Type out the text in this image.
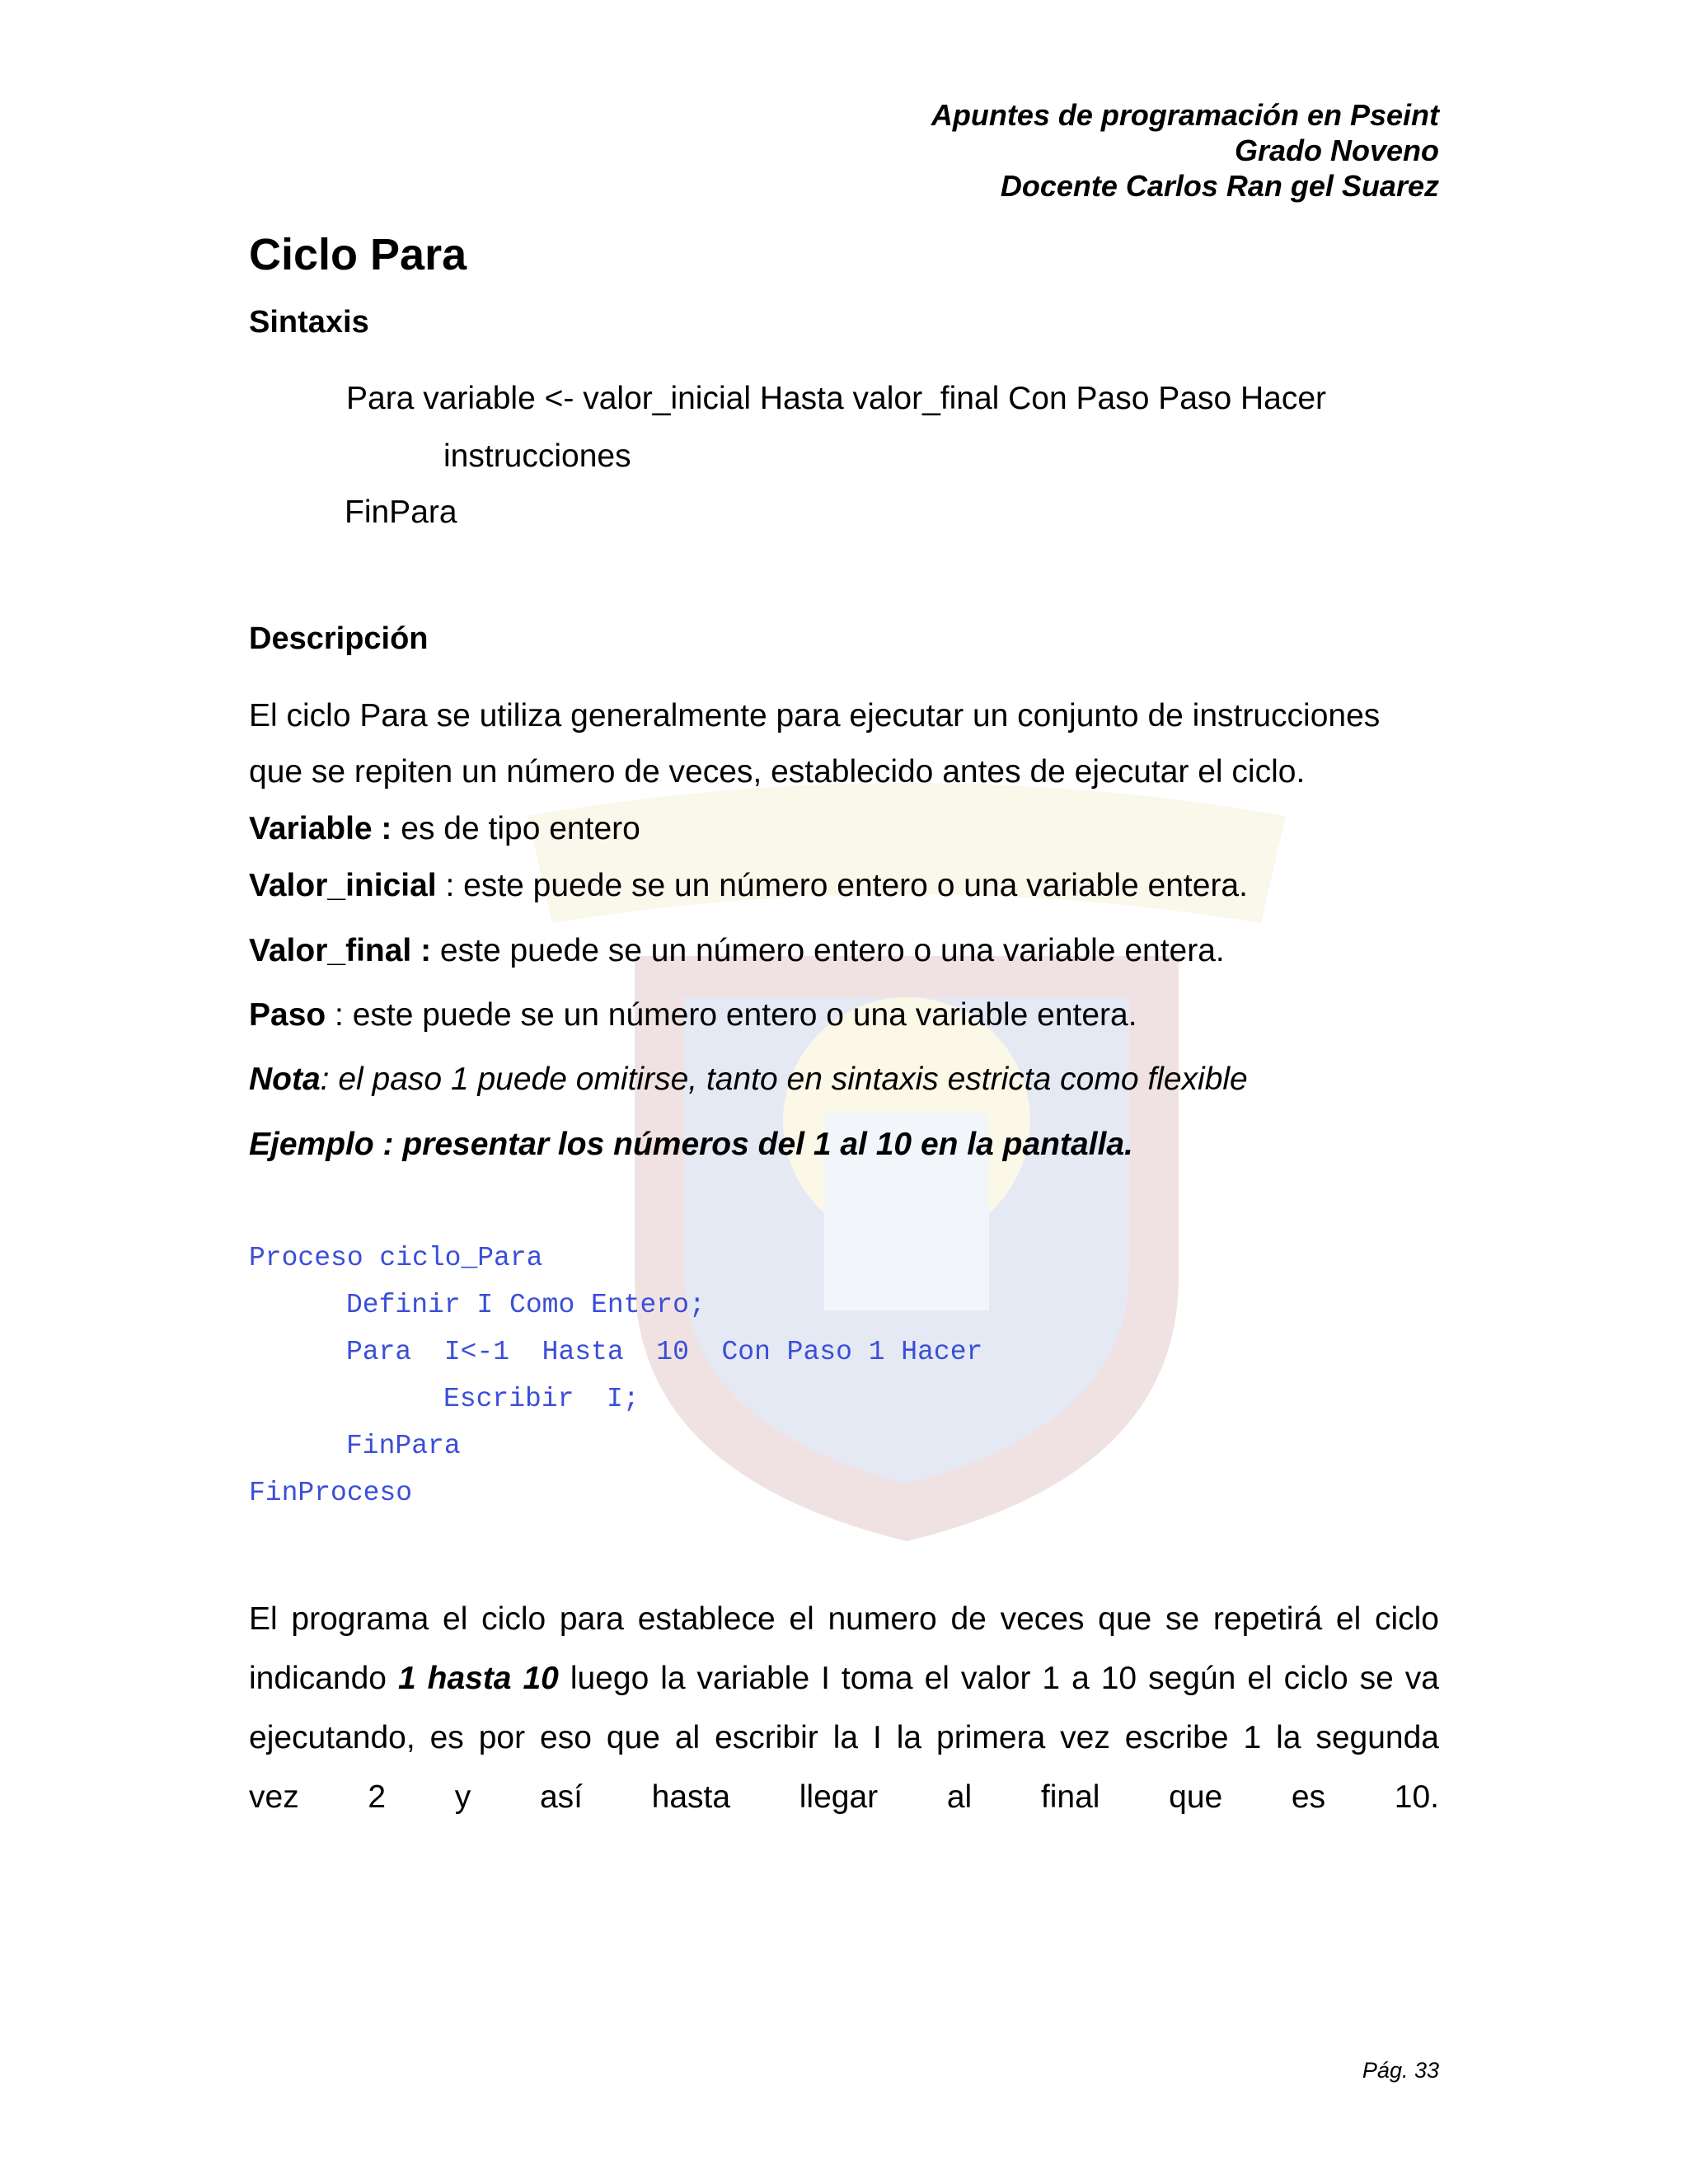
Apuntes de programación en Pseint
Grado Noveno
Docente Carlos Ran gel Suarez
Ciclo Para
Sintaxis
Para variable <- valor_inicial Hasta valor_final Con Paso Paso Hacer
instrucciones
FinPara
Descripción
El ciclo Para se utiliza generalmente para ejecutar un conjunto de instrucciones
que se repiten un número de veces, establecido antes de ejecutar el ciclo.
Variable : es de tipo entero
Valor_inicial : este puede se un número entero o una variable entera.
Valor_final : este puede se un número entero o una variable entera.
Paso : este puede se un número entero o una variable entera.
Nota: el paso 1 puede omitirse, tanto en sintaxis estricta como flexible
Ejemplo : presentar los números del 1 al 10 en la pantalla.
Proceso ciclo_Para
Definir I Como Entero;
Para  I<-1  Hasta  10  Con Paso 1 Hacer
Escribir  I;
FinPara
FinProceso
El programa el ciclo para establece el numero de veces que se repetirá el ciclo
indicando 1 hasta 10 luego la variable I toma el valor 1 a 10 según el ciclo se va
ejecutando, es por eso que al escribir la I la primera vez escribe 1 la segunda
vez 2 y así hasta llegar al final que es 10.
Pág. 33
